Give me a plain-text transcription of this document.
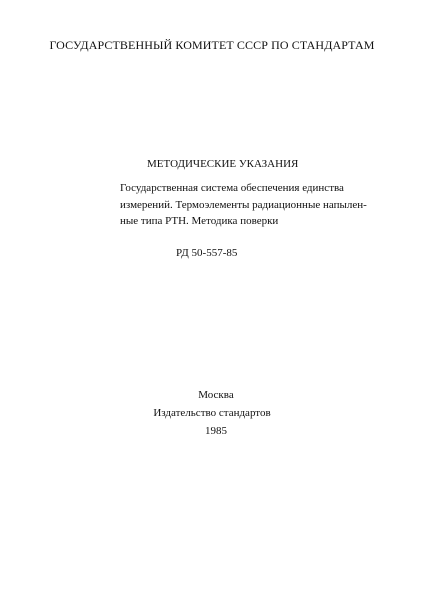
ГОСУДАРСТВЕННЫЙ КОМИТЕТ СССР ПО СТАНДАРТАМ
МЕТОДИЧЕСКИЕ УКАЗАНИЯ
Государственная система обеспечения единства
измерений. Термоэлементы радиационные напылен-
ные типа РТН. Методика поверки
РД 50-557-85
Москва
Издательство стандартов
1985
